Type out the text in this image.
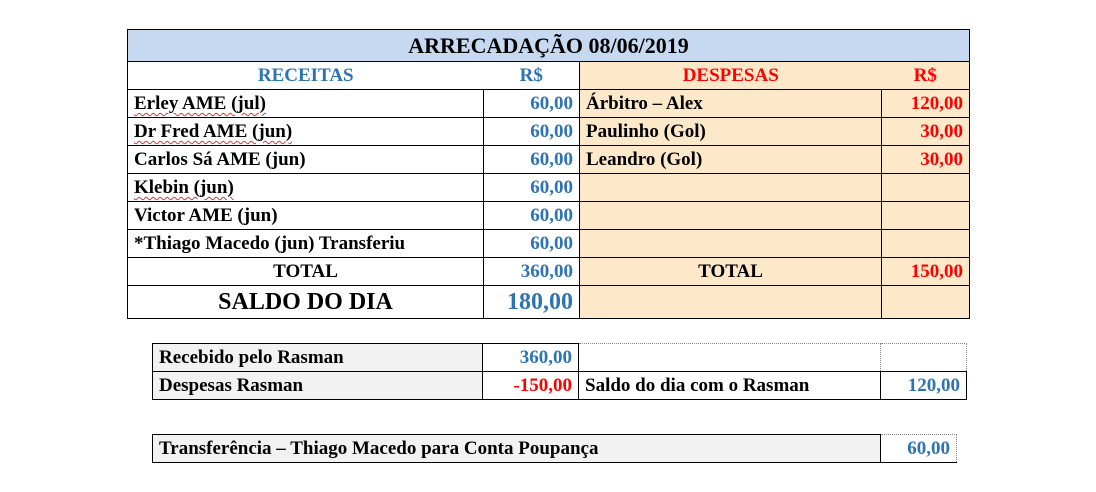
ARRECADAÇÃO 08/06/2019			
RECEITAS	R$	DESPESAS	R$
Erley AME (jul)	60,00	Árbitro – Alex	120,00
Dr Fred AME (jun)	60,00	Paulinho (Gol)	30,00
Carlos Sá AME (jun)	60,00	Leandro (Gol)	30,00
Klebin (jun)	60,00		
Victor AME (jun)	60,00		
*Thiago Macedo (jun) Transferiu	60,00		
TOTAL	360,00	TOTAL	150,00
SALDO DO DIA	180,00		
Recebido pelo Rasman	360,00		
Despesas Rasman	-150,00	Saldo do dia com o Rasman	120,00
Transferência – Thiago Macedo para Conta Poupança	60,00
